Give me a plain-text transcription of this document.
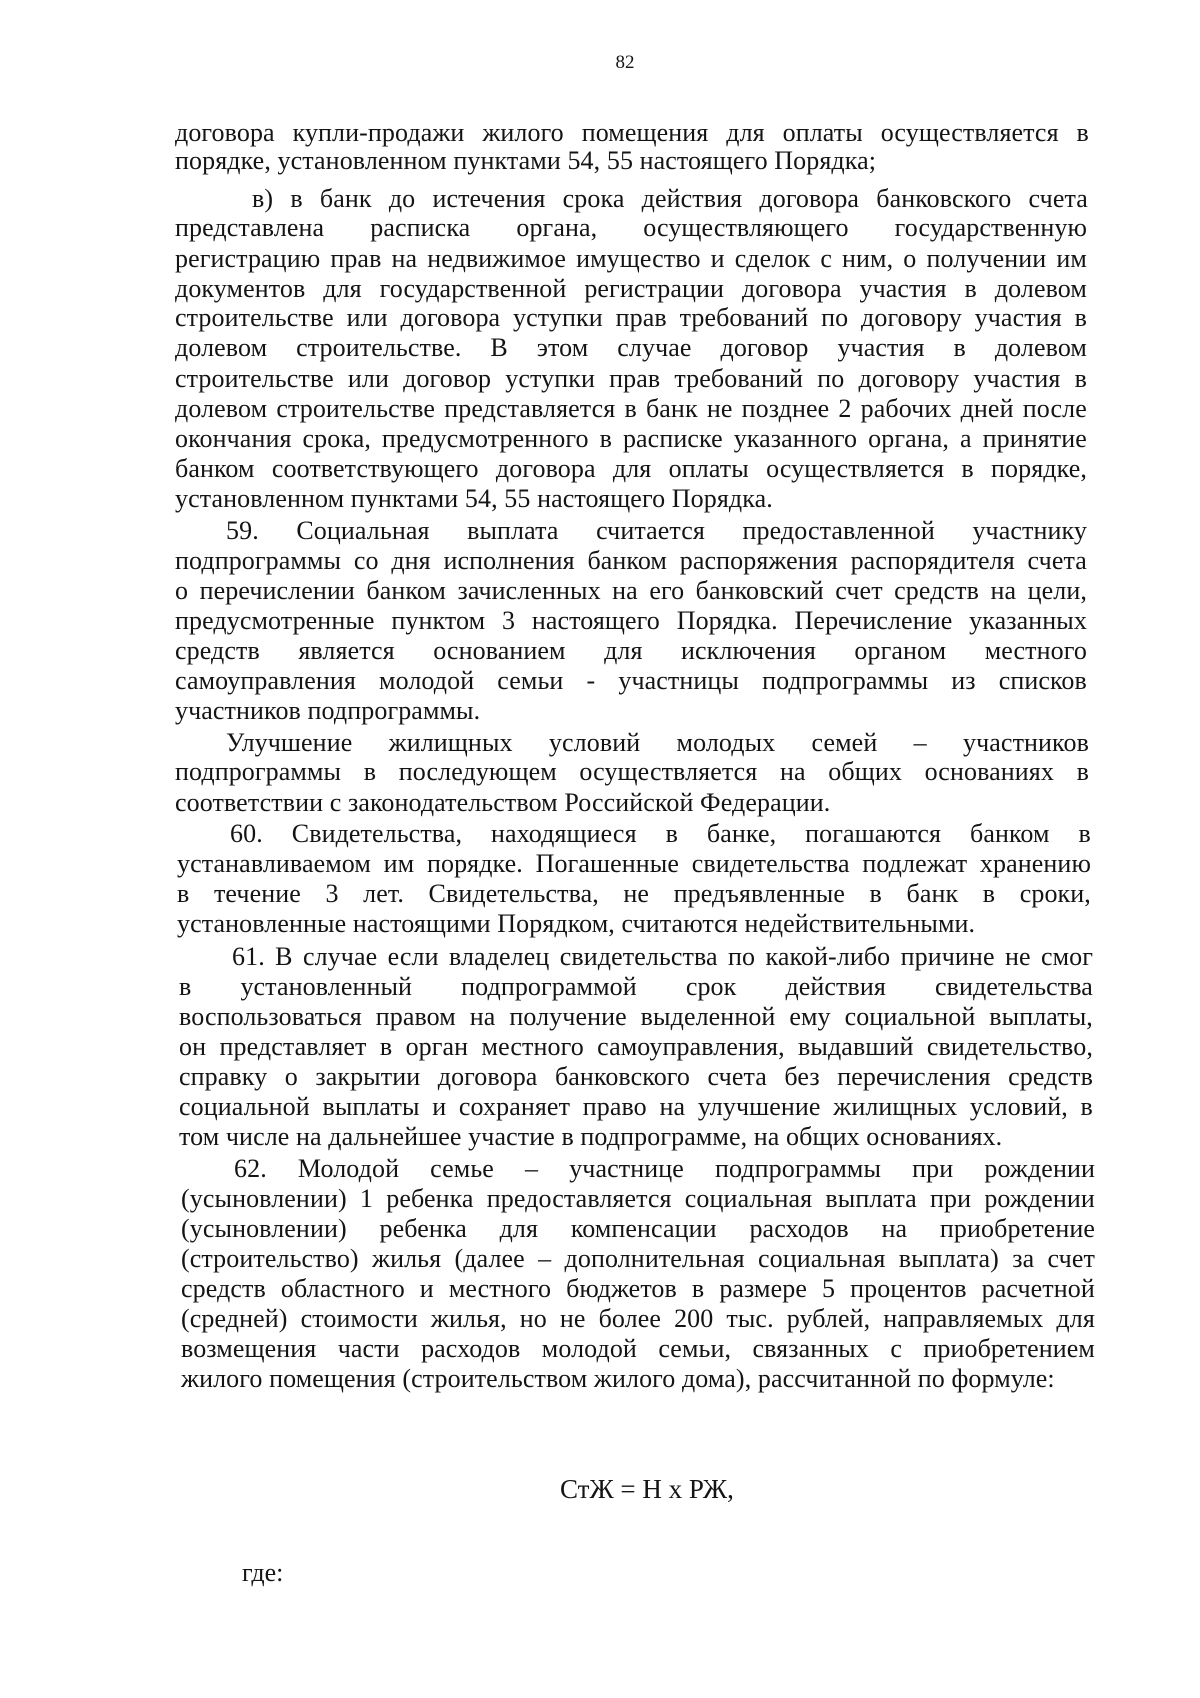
82
договора купли-продажи жилого помещения для оплаты осуществляется в
порядке, установленном пунктами 54, 55 настоящего Порядка;
в) в банк до истечения срока действия договора банковского счета
представлена расписка органа, осуществляющего государственную
регистрацию прав на недвижимое имущество и сделок с ним, о получении им
документов для государственной регистрации договора участия в долевом
строительстве или договора уступки прав требований по договору участия в
долевом строительстве. В этом случае договор участия в долевом
строительстве или договор уступки прав требований по договору участия в
долевом строительстве представляется в банк не позднее 2 рабочих дней после
окончания срока, предусмотренного в расписке указанного органа, а принятие
банком соответствующего договора для оплаты осуществляется в порядке,
установленном пунктами 54, 55 настоящего Порядка.
59. Социальная выплата считается предоставленной участнику
подпрограммы со дня исполнения банком распоряжения распорядителя счета
о перечислении банком зачисленных на его банковский счет средств на цели,
предусмотренные пунктом 3 настоящего Порядка. Перечисление указанных
средств является основанием для исключения органом местного
самоуправления молодой семьи - участницы подпрограммы из списков
участников подпрограммы.
Улучшение жилищных условий молодых семей – участников
подпрограммы в последующем осуществляется на общих основаниях в
соответствии с законодательством Российской Федерации.
60. Свидетельства, находящиеся в банке, погашаются банком в
устанавливаемом им порядке. Погашенные свидетельства подлежат хранению
в течение 3 лет. Свидетельства, не предъявленные в банк в сроки,
установленные настоящими Порядком, считаются недействительными.
61. В случае если владелец свидетельства по какой-либо причине не смог
в установленный подпрограммой срок действия свидетельства
воспользоваться правом на получение выделенной ему социальной выплаты,
он представляет в орган местного самоуправления, выдавший свидетельство,
справку о закрытии договора банковского счета без перечисления средств
социальной выплаты и сохраняет право на улучшение жилищных условий, в
том числе на дальнейшее участие в подпрограмме, на общих основаниях.
62. Молодой семье – участнице подпрограммы при рождении
(усыновлении) 1 ребенка предоставляется социальная выплата при рождении
(усыновлении) ребенка для компенсации расходов на приобретение
(строительство) жилья (далее – дополнительная социальная выплата) за счет
средств областного и местного бюджетов в размере 5 процентов расчетной
(средней) стоимости жилья, но не более 200 тыс. рублей, направляемых для
возмещения части расходов молодой семьи, связанных с приобретением
жилого помещения (строительством жилого дома), рассчитанной по формуле:
СтЖ = Н х РЖ,
где:
